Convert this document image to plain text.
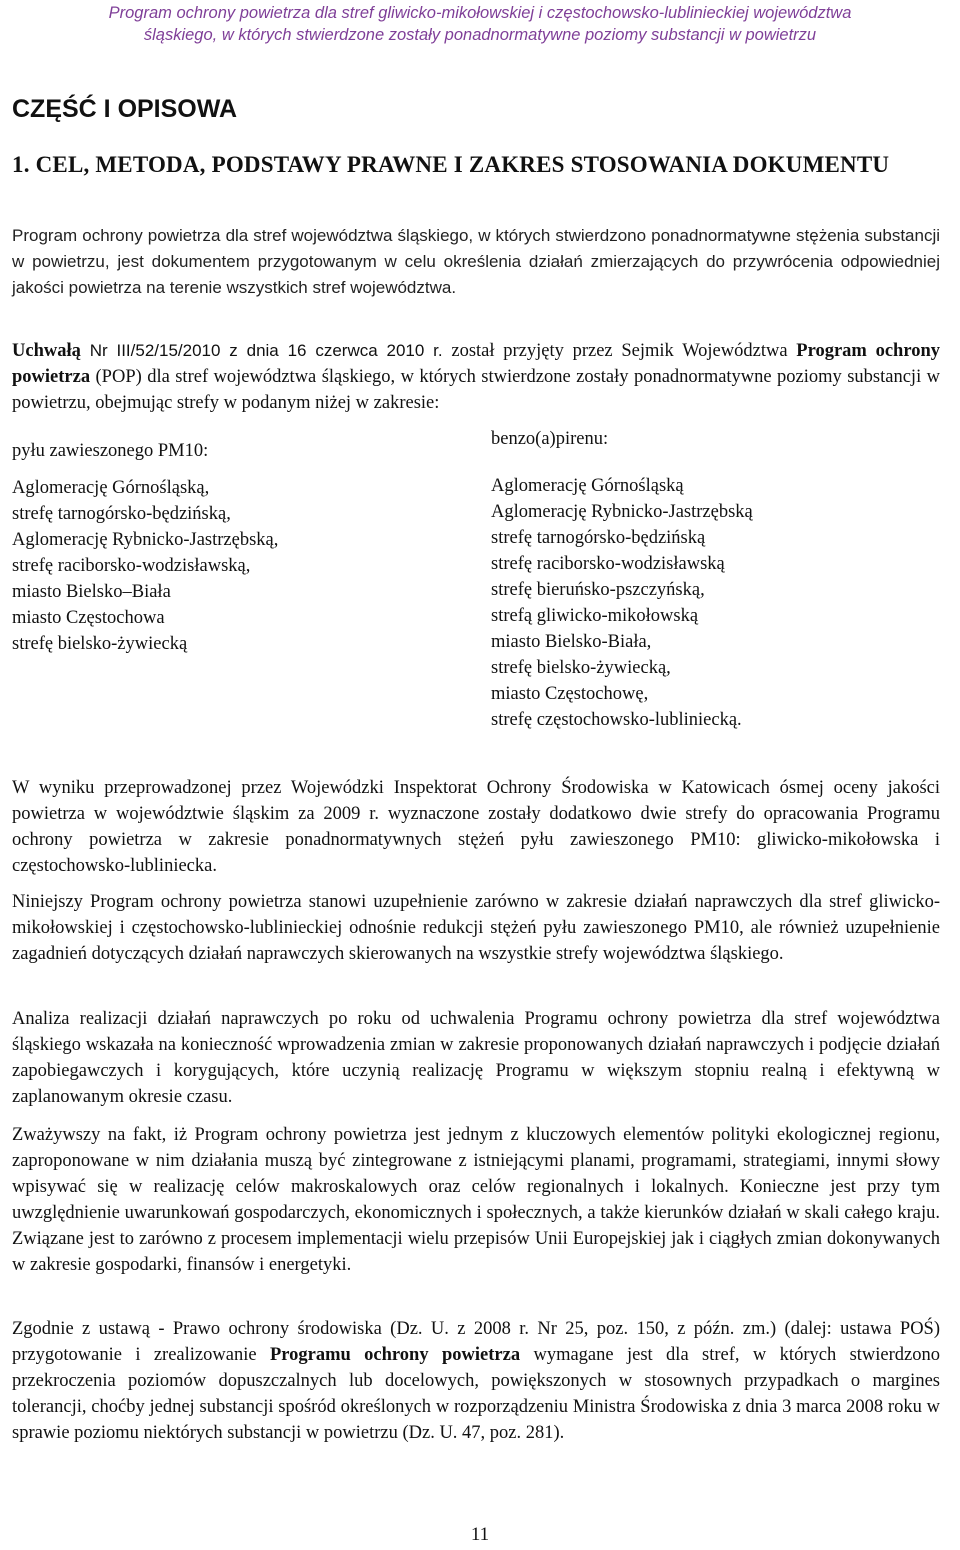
Program ochrony powietrza dla stref gliwicko-mikołowskiej i częstochowsko-lublinieckiej województwa
śląskiego, w których stwierdzone zostały ponadnormatywne poziomy substancji w powietrzu
CZĘŚĆ I OPISOWA
1. CEL, METODA, PODSTAWY PRAWNE I ZAKRES STOSOWANIA DOKUMENTU

Program ochrony powietrza dla stref województwa śląskiego, w których stwierdzono ponadnormatywne stężenia substancji w powietrzu, jest dokumentem przygotowanym w celu określenia działań zmierzających do przywrócenia odpowiedniej jakości powietrza na terenie wszystkich stref województwa.

Uchwałą Nr III/52/15/2010 z dnia 16 czerwca 2010 r. został przyjęty przez Sejmik Województwa Program ochrony powietrza (POP) dla stref województwa śląskiego, w których stwierdzone zostały ponadnormatywne poziomy substancji w powietrzu, obejmując strefy w podanym niżej w zakresie:

pyłu zawieszonego PM10:
Aglomerację Górnośląską,
strefę tarnogórsko-będzińską,
Aglomerację Rybnicko-Jastrzębską,
strefę raciborsko-wodzisławską,
miasto Bielsko–Biała
miasto Częstochowa
strefę bielsko-żywiecką
benzo(a)pirenu:
Aglomerację Górnośląską
Aglomerację Rybnicko-Jastrzębską
strefę tarnogórsko-będzińską
strefę raciborsko-wodzisławską
strefę bieruńsko-pszczyńską,
strefą gliwicko-mikołowską
miasto Bielsko-Biała,
strefę bielsko-żywiecką,
miasto Częstochowę,
strefę częstochowsko-lubliniecką.

W wyniku przeprowadzonej przez Wojewódzki Inspektorat Ochrony Środowiska w Katowicach ósmej oceny jakości powietrza w województwie śląskim za 2009 r. wyznaczone zostały dodatkowo dwie strefy do opracowania Programu ochrony powietrza w zakresie ponadnormatywnych stężeń pyłu zawieszonego PM10: gliwicko-mikołowska i częstochowsko-lubliniecka.

Niniejszy Program ochrony powietrza stanowi uzupełnienie zarówno w zakresie działań naprawczych dla stref gliwicko-mikołowskiej i częstochowsko-lublinieckiej odnośnie redukcji stężeń pyłu zawieszonego PM10, ale również uzupełnienie zagadnień dotyczących działań naprawczych skierowanych na wszystkie strefy województwa śląskiego.

Analiza realizacji działań naprawczych po roku od uchwalenia Programu ochrony powietrza dla stref województwa śląskiego wskazała na konieczność wprowadzenia zmian w zakresie proponowanych działań naprawczych i podjęcie działań zapobiegawczych i korygujących, które uczynią realizację Programu w większym stopniu realną i efektywną w zaplanowanym okresie czasu.

Zważywszy na fakt, iż Program ochrony powietrza jest jednym z kluczowych elementów polityki ekologicznej regionu, zaproponowane w nim działania muszą być zintegrowane z istniejącymi planami, programami, strategiami, innymi słowy wpisywać się w realizację celów makroskalowych oraz celów regionalnych i lokalnych. Konieczne jest przy tym uwzględnienie uwarunkowań gospodarczych, ekonomicznych i społecznych, a także kierunków działań w skali całego kraju. Związane jest to zarówno z procesem implementacji wielu przepisów Unii Europejskiej jak i ciągłych zmian dokonywanych w zakresie gospodarki, finansów i energetyki.

Zgodnie z ustawą - Prawo ochrony środowiska (Dz. U. z 2008 r. Nr 25, poz. 150, z późn. zm.) (dalej: ustawa POŚ) przygotowanie i zrealizowanie Programu ochrony powietrza wymagane jest dla stref, w których stwierdzono przekroczenia poziomów dopuszczalnych lub docelowych, powiększonych w stosownych przypadkach o margines tolerancji, choćby jednej substancji spośród określonych w rozporządzeniu Ministra Środowiska z dnia 3 marca 2008 roku w sprawie poziomu niektórych substancji w powietrzu (Dz. U. 47, poz. 281).

11
